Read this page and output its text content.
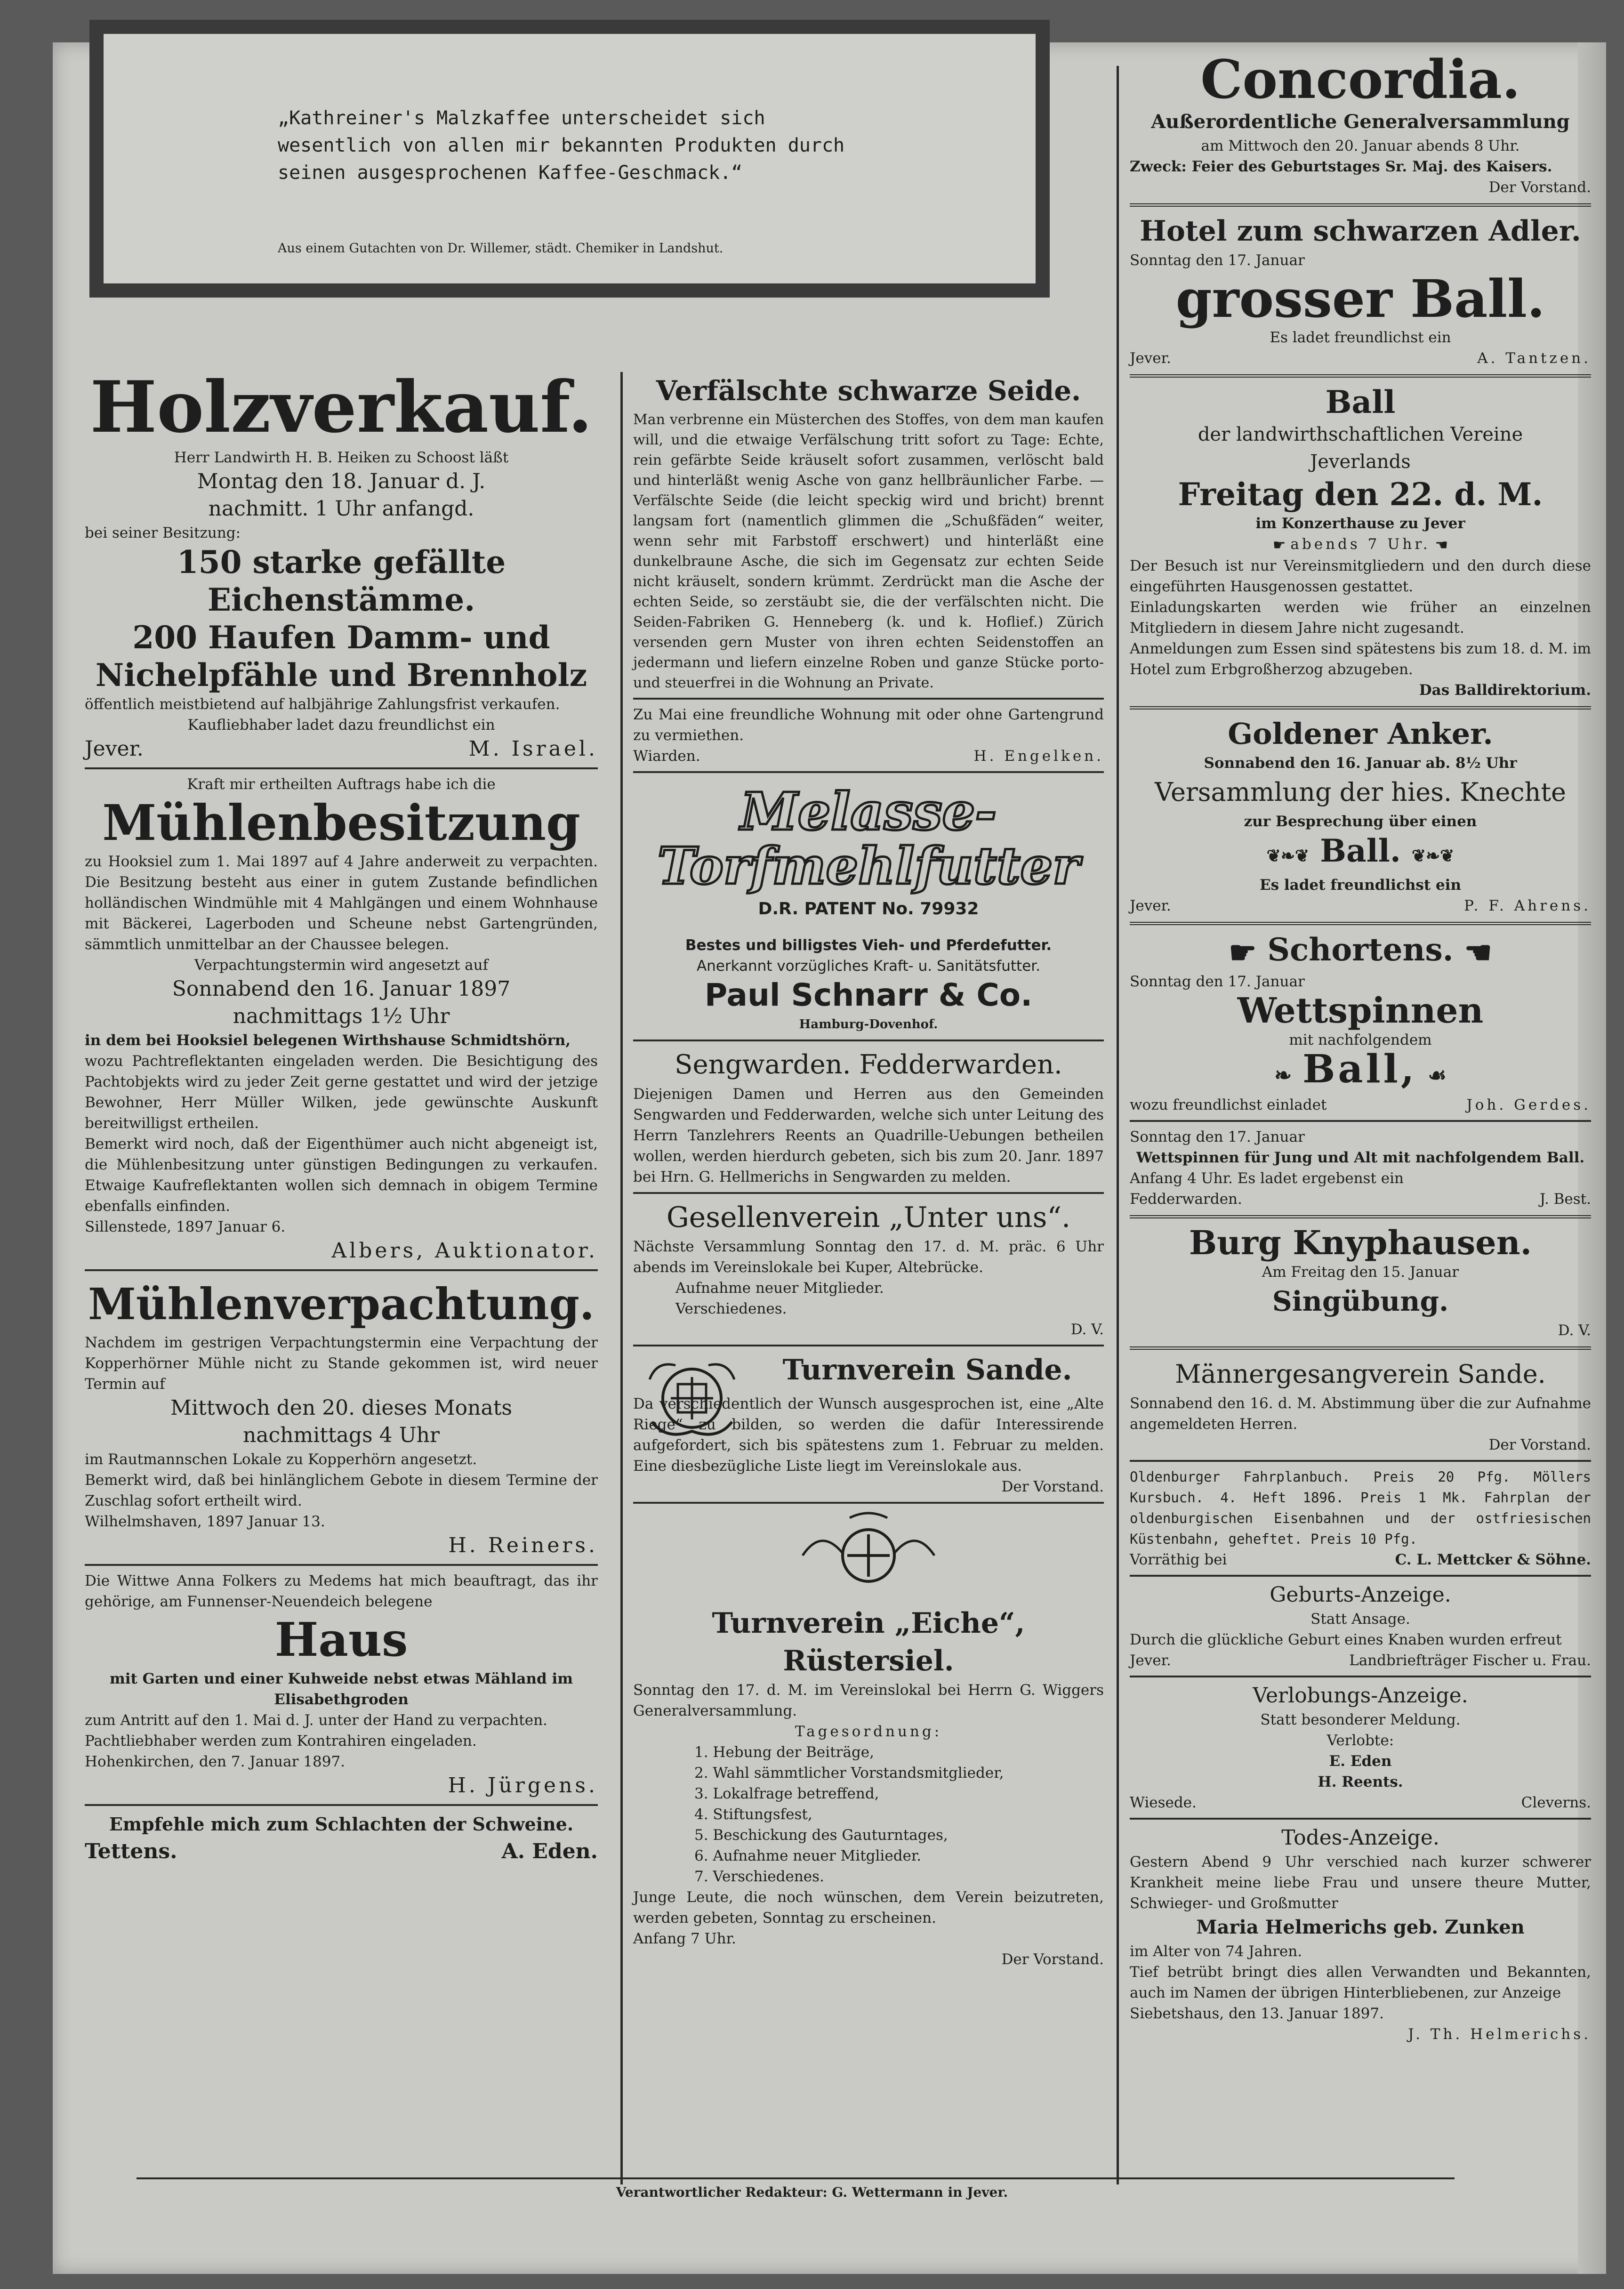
„Kathreiner's Malzkaffee unterscheidet sich wesentlich von allen mir bekannten Produkten durch seinen ausgesprochenen Kaffee-Geschmack.“
Aus einem Gutachten von Dr. Willemer, städt. Chemiker in Landshut.
Holzverkauf.
Herr Landwirth H. B. Heiken zu Schoost läßt
Montag den 18. Januar d. J.
nachmitt. 1 Uhr anfangd.
bei seiner Besitzung:
150 starke gefällte Eichenstämme.
200 Haufen Damm- und Nichelpfähle und Brennholz
öffentlich meistbietend auf halbjährige Zahlungsfrist verkaufen.
Kaufliebhaber ladet dazu freundlichst ein
Jever.	M. Israel.
Kraft mir ertheilten Auftrags habe ich die
Mühlenbesitzung
zu Hooksiel zum 1. Mai 1897 auf 4 Jahre anderweit zu verpachten. Die Besitzung besteht aus einer in gutem Zustande befindlichen holländischen Windmühle mit 4 Mahlgängen und einem Wohnhause mit Bäckerei, Lagerboden und Scheune nebst Gartengründen, sämmtlich unmittelbar an der Chaussee belegen.
Verpachtungstermin wird angesetzt auf
Sonnabend den 16. Januar 1897
nachmittags 1½ Uhr
in dem bei Hooksiel belegenen Wirthshause Schmidtshörn,
wozu Pachtreflektanten eingeladen werden. Die Besichtigung des Pachtobjekts wird zu jeder Zeit gerne gestattet und wird der jetzige Bewohner, Herr Müller Wilken, jede gewünschte Auskunft bereitwilligst ertheilen.
Bemerkt wird noch, daß der Eigenthümer auch nicht abgeneigt ist, die Mühlenbesitzung unter günstigen Bedingungen zu verkaufen. Etwaige Kaufreflektanten wollen sich demnach in obigem Termine ebenfalls einfinden.
Sillenstede, 1897 Januar 6.
Albers, Auktionator.
Mühlenverpachtung.
Nachdem im gestrigen Verpachtungstermin eine Verpachtung der Kopperhörner Mühle nicht zu Stande gekommen ist, wird neuer Termin auf
Mittwoch den 20. dieses Monats
nachmittags 4 Uhr
im Rautmannschen Lokale zu Kopperhörn angesetzt.
Bemerkt wird, daß bei hinlänglichem Gebote in diesem Termine der Zuschlag sofort ertheilt wird.
Wilhelmshaven, 1897 Januar 13.
H. Reiners.
Die Wittwe Anna Folkers zu Medems hat mich beauftragt, das ihr gehörige, am Funnenser-Neuendeich belegene
Haus
mit Garten und einer Kuhweide nebst etwas Mähland im Elisabethgroden
zum Antritt auf den 1. Mai d. J. unter der Hand zu verpachten.
Pachtliebhaber werden zum Kontrahiren eingeladen.
Hohenkirchen, den 7. Januar 1897.
H. Jürgens.
Empfehle mich zum Schlachten der Schweine.
Tettens.	A. Eden.
Verfälschte schwarze Seide.
Man verbrenne ein Müsterchen des Stoffes, von dem man kaufen will, und die etwaige Verfälschung tritt sofort zu Tage: Echte, rein gefärbte Seide kräuselt sofort zusammen, verlöscht bald und hinterläßt wenig Asche von ganz hellbräunlicher Farbe. — Verfälschte Seide (die leicht speckig wird und bricht) brennt langsam fort (namentlich glimmen die „Schußfäden“ weiter, wenn sehr mit Farbstoff erschwert) und hinterläßt eine dunkelbraune Asche, die sich im Gegensatz zur echten Seide nicht kräuselt, sondern krümmt. Zerdrückt man die Asche der echten Seide, so zerstäubt sie, die der verfälschten nicht. Die Seiden-Fabriken G. Henneberg (k. und k. Hoflief.) Zürich versenden gern Muster von ihren echten Seidenstoffen an jedermann und liefern einzelne Roben und ganze Stücke porto- und steuerfrei in die Wohnung an Private.
Zu Mai eine freundliche Wohnung mit oder ohne Gartengrund zu vermiethen.
Wiarden.	H. Engelken.
Melasse-
Torfmehlfutter
D.R. PATENT No. 79932
Bestes und billigstes Vieh- und Pferdefutter.
Anerkannt vorzügliches Kraft- u. Sanitätsfutter.
Paul Schnarr & Co.
Hamburg-Dovenhof.
Sengwarden. Fedderwarden.
Diejenigen Damen und Herren aus den Gemeinden Sengwarden und Fedderwarden, welche sich unter Leitung des Herrn Tanzlehrers Reents an Quadrille-Uebungen betheilen wollen, werden hierdurch gebeten, sich bis zum 20. Janr. 1897 bei Hrn. G. Hellmerichs in Sengwarden zu melden.
Gesellenverein „Unter uns“.
Nächste Versammlung Sonntag den 17. d. M. präc. 6 Uhr abends im Vereinslokale bei Kuper, Altebrücke.
Aufnahme neuer Mitglieder.
Verschiedenes.
D. V.
Turnverein Sande.
Da verschiedentlich der Wunsch ausgesprochen ist, eine „Alte Riege“ zu bilden, so werden die dafür Interessirende aufgefordert, sich bis spätestens zum 1. Februar zu melden. Eine diesbezügliche Liste liegt im Vereinslokale aus.
Der Vorstand.
Turnverein „Eiche“, Rüstersiel.
Sonntag den 17. d. M. im Vereinslokal bei Herrn G. Wiggers Generalversammlung.
Tagesordnung:
1. Hebung der Beiträge,
2. Wahl sämmtlicher Vorstandsmitglieder,
3. Lokalfrage betreffend,
4. Stiftungsfest,
5. Beschickung des Gauturntages,
6. Aufnahme neuer Mitglieder.
7. Verschiedenes.
Junge Leute, die noch wünschen, dem Verein beizutreten, werden gebeten, Sonntag zu erscheinen.
Anfang 7 Uhr.
Der Vorstand.
Concordia.
Außerordentliche Generalversammlung
am Mittwoch den 20. Januar abends 8 Uhr.
Zweck: Feier des Geburtstages Sr. Maj. des Kaisers.
Der Vorstand.
Hotel zum schwarzen Adler.
Sonntag den 17. Januar
grosser Ball.
Es ladet freundlichst ein
Jever.	A. Tantzen.
Ball
der landwirthschaftlichen Vereine
Jeverlands
Freitag den 22. d. M.
im Konzerthause zu Jever
☛ abends 7 Uhr. ☚
Der Besuch ist nur Vereinsmitgliedern und den durch diese eingeführten Hausgenossen gestattet.
Einladungskarten werden wie früher an einzelnen Mitgliedern in diesem Jahre nicht zugesandt.
Anmeldungen zum Essen sind spätestens bis zum 18. d. M. im Hotel zum Erbgroßherzog abzugeben.
Das Balldirektorium.
Goldener Anker.
Sonnabend den 16. Januar ab. 8½ Uhr
Versammlung der hies. Knechte
zur Besprechung über einen
❦❧❦ Ball. ❦❧❦
Es ladet freundlichst ein
Jever.	P. F. Ahrens.
☛ Schortens. ☚
Sonntag den 17. Januar
Wettspinnen
mit nachfolgendem
❧ Ball, ☙
wozu freundlichst einladet	Joh. Gerdes.
Sonntag den 17. Januar
Wettspinnen für Jung und Alt mit nachfolgendem Ball.
Anfang 4 Uhr. Es ladet ergebenst ein
Fedderwarden.	J. Best.
Burg Knyphausen.
Am Freitag den 15. Januar
Singübung.
D. V.
Männergesangverein Sande.
Sonnabend den 16. d. M. Abstimmung über die zur Aufnahme angemeldeten Herren.
Der Vorstand.
Oldenburger Fahrplanbuch. Preis 20 Pfg. Möllers Kursbuch. 4. Heft 1896. Preis 1 Mk. Fahrplan der oldenburgischen Eisenbahnen und der ostfriesischen Küstenbahn, geheftet. Preis 10 Pfg.
Vorräthig bei	C. L. Mettcker & Söhne.
Geburts-Anzeige.
Statt Ansage.
Durch die glückliche Geburt eines Knaben wurden erfreut
Jever.	Landbriefträger Fischer u. Frau.
Verlobungs-Anzeige.
Statt besonderer Meldung.
Verlobte:
E. Eden
H. Reents.
Wiesede.	Cleverns.
Todes-Anzeige.
Gestern Abend 9 Uhr verschied nach kurzer schwerer Krankheit meine liebe Frau und unsere theure Mutter, Schwieger- und Großmutter
Maria Helmerichs geb. Zunken
im Alter von 74 Jahren.
Tief betrübt bringt dies allen Verwandten und Bekannten, auch im Namen der übrigen Hinterbliebenen, zur Anzeige
Siebetshaus, den 13. Januar 1897.
J. Th. Helmerichs.
Verantwortlicher Redakteur: G. Wettermann in Jever.
